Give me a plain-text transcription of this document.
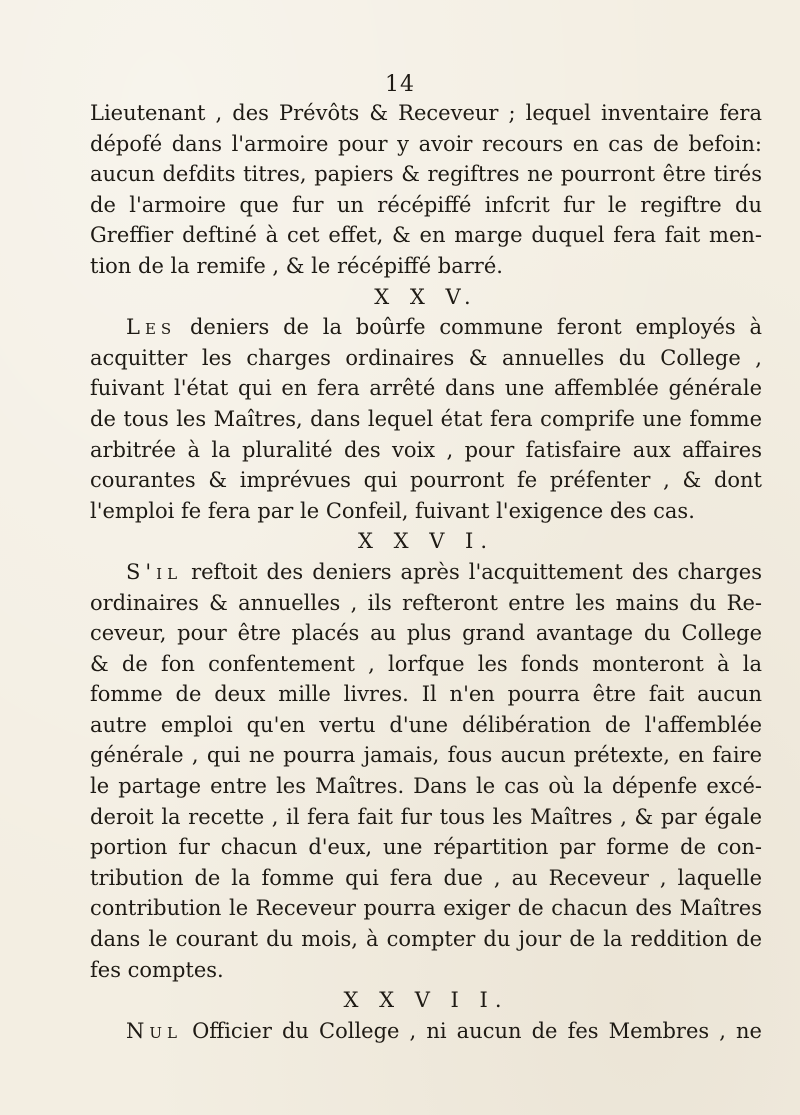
14
Lieutenant , des Prévôts & Receveur ; lequel inventaire fera
dépofé dans l'armoire pour y avoir recours en cas de befoin:
aucun defdits titres, papiers & regiftres ne pourront être tirés
de l'armoire que fur un récépiffé infcrit fur le regiftre du
Greffier deftiné à cet effet, & en marge duquel fera fait men-
tion de la remife , & le récépiffé barré.
X X V.
Les deniers de la boûrfe commune feront employés à
acquitter les charges ordinaires & annuelles du College ,
fuivant l'état qui en fera arrêté dans une affemblée générale
de tous les Maîtres, dans lequel état fera comprife une fomme
arbitrée à la pluralité des voix , pour fatisfaire aux affaires
courantes & imprévues qui pourront fe préfenter , & dont
l'emploi fe fera par le Confeil, fuivant l'exigence des cas.
X X V I.
S'il reftoit des deniers après l'acquittement des charges
ordinaires & annuelles , ils refteront entre les mains du Re-
ceveur, pour être placés au plus grand avantage du College
& de fon confentement , lorfque les fonds monteront à la
fomme de deux mille livres. Il n'en pourra être fait aucun
autre emploi qu'en vertu d'une délibération de l'affemblée
générale , qui ne pourra jamais, fous aucun prétexte, en faire
le partage entre les Maîtres. Dans le cas où la dépenfe excé-
deroit la recette , il fera fait fur tous les Maîtres , & par égale
portion fur chacun d'eux, une répartition par forme de con-
tribution de la fomme qui fera due , au Receveur , laquelle
contribution le Receveur pourra exiger de chacun des Maîtres
dans le courant du mois, à compter du jour de la reddition de
fes comptes.
X X V I I.
Nul Officier du College , ni aucun de fes Membres , ne
